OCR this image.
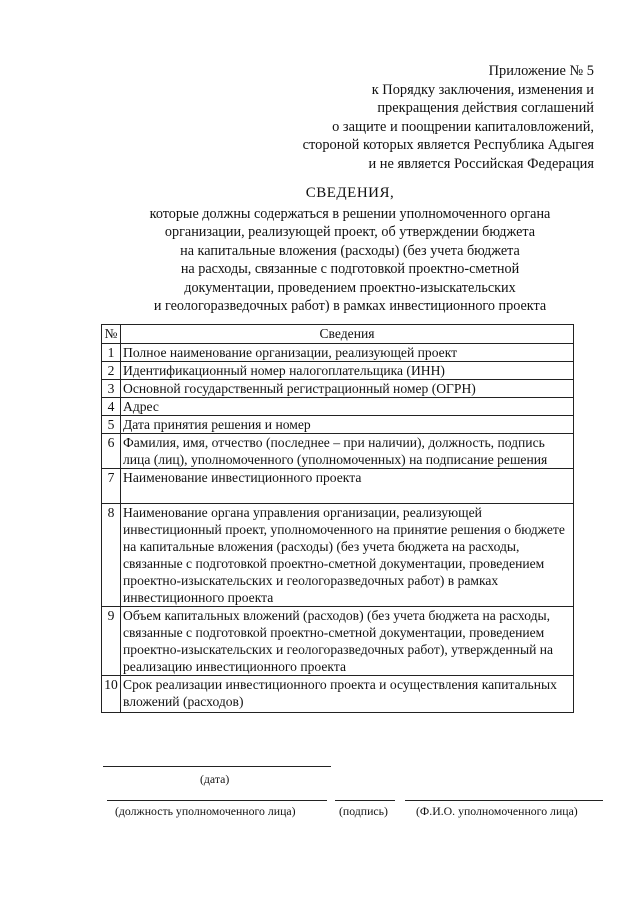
Приложение № 5
к Порядку заключения, изменения и
прекращения действия соглашений
о защите и поощрении капиталовложений,
стороной которых является Республика Адыгея
и не является Российская Федерация
СВЕДЕНИЯ,
которые должны содержаться в решении уполномоченного органа
организации, реализующей проект, об утверждении бюджета
на капитальные вложения (расходы) (без учета бюджета
на расходы, связанные с подготовкой проектно-сметной
документации, проведением проектно-изыскательских
и геологоразведочных работ) в рамках инвестиционного проекта
№	Сведения
1	Полное наименование организации, реализующей проект
2	Идентификационный номер налогоплательщика (ИНН)
3	Основной государственный регистрационный номер (ОГРН)
4	Адрес
5	Дата принятия решения и номер
6	Фамилия, имя, отчество (последнее – при наличии), должность, подпись лица (лиц), уполномоченного (уполномоченных) на подписание решения
7	Наименование инвестиционного проекта
8	Наименование органа управления организации, реализующей инвестиционный проект, уполномоченного на принятие решения о бюджете на капитальные вложения (расходы) (без учета бюджета на расходы, связанные с подготовкой проектно-сметной документации, проведением проектно-изыскательских и геологоразведочных работ) в рамках инвестиционного проекта
9	Объем капитальных вложений (расходов) (без учета бюджета на расходы, связанные с подготовкой проектно-сметной документации, проведением проектно-изыскательских и геологоразведочных работ), утвержденный на реализацию инвестиционного проекта
10	Срок реализации инвестиционного проекта и осуществления капитальных вложений (расходов)
(дата)
(должность уполномоченного лица)	(подпись) (Ф.И.О. уполномоченного лица)
